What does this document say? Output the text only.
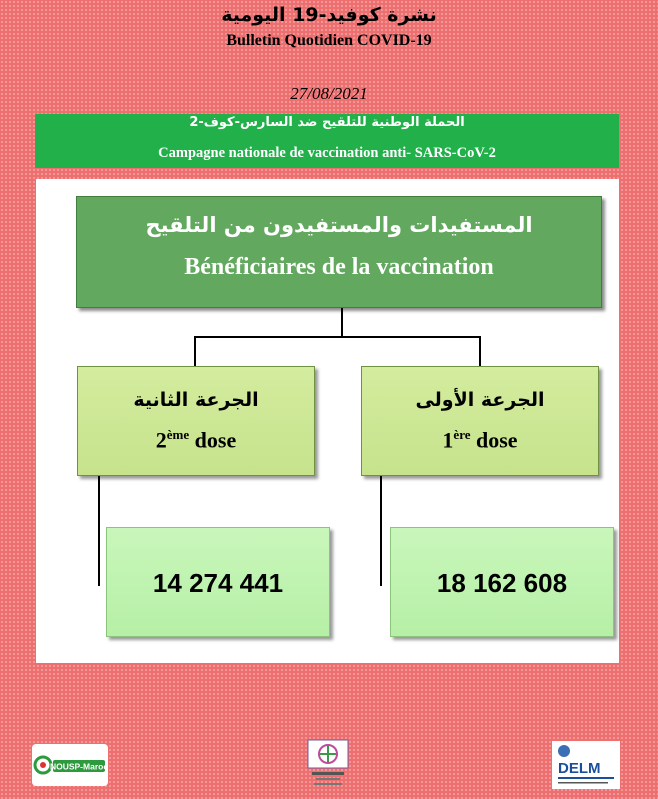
نشرة كوفيد-19 اليومية
Bulletin Quotidien COVID-19
27/08/2021
الحملة الوطنية للتلقيح ضد السارس-كوف-2
Campagne nationale de vaccination anti- SARS-CoV-2
المستفيدات والمستفيدون من التلقيح
Bénéficiaires de la vaccination
الجرعة الثانية
2ème dose
الجرعة الأولى
1ère dose
14 274 441	18 162 608
NOUSP-Maroc	DELM
